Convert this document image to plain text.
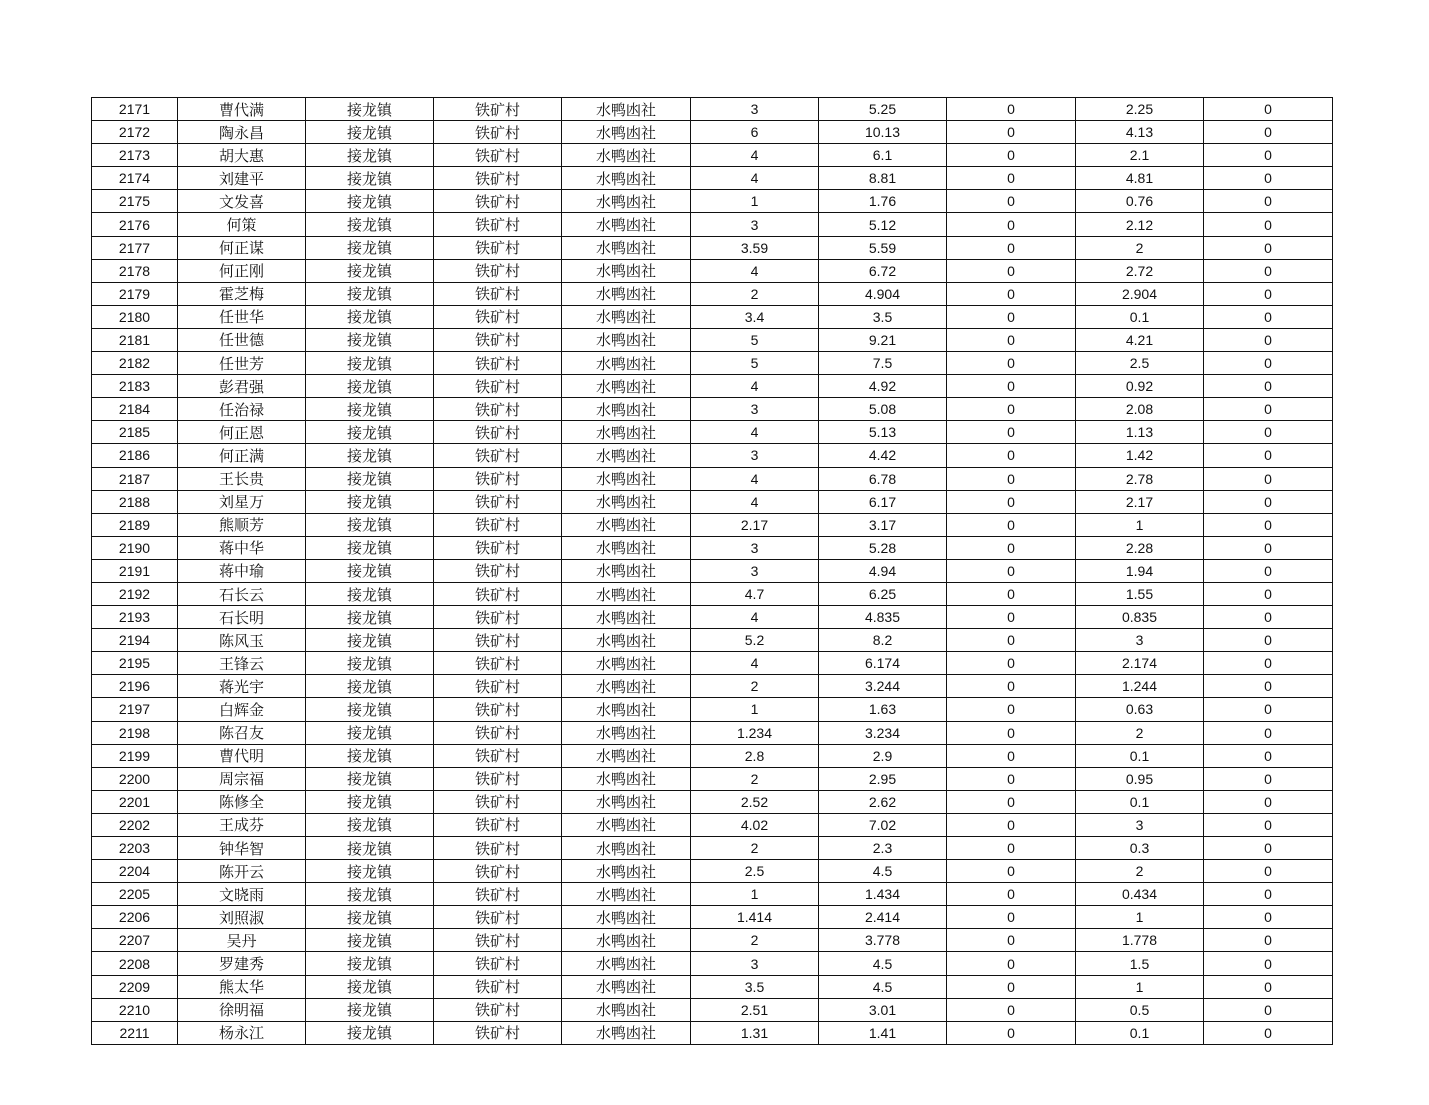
2171	曹代满	接龙镇	铁矿村	水鸭凼社	3	5.25	0	2.25	0
2172	陶永昌	接龙镇	铁矿村	水鸭凼社	6	10.13	0	4.13	0
2173	胡大惠	接龙镇	铁矿村	水鸭凼社	4	6.1	0	2.1	0
2174	刘建平	接龙镇	铁矿村	水鸭凼社	4	8.81	0	4.81	0
2175	文发喜	接龙镇	铁矿村	水鸭凼社	1	1.76	0	0.76	0
2176	何策	接龙镇	铁矿村	水鸭凼社	3	5.12	0	2.12	0
2177	何正谋	接龙镇	铁矿村	水鸭凼社	3.59	5.59	0	2	0
2178	何正刚	接龙镇	铁矿村	水鸭凼社	4	6.72	0	2.72	0
2179	霍芝梅	接龙镇	铁矿村	水鸭凼社	2	4.904	0	2.904	0
2180	任世华	接龙镇	铁矿村	水鸭凼社	3.4	3.5	0	0.1	0
2181	任世德	接龙镇	铁矿村	水鸭凼社	5	9.21	0	4.21	0
2182	任世芳	接龙镇	铁矿村	水鸭凼社	5	7.5	0	2.5	0
2183	彭君强	接龙镇	铁矿村	水鸭凼社	4	4.92	0	0.92	0
2184	任治禄	接龙镇	铁矿村	水鸭凼社	3	5.08	0	2.08	0
2185	何正恩	接龙镇	铁矿村	水鸭凼社	4	5.13	0	1.13	0
2186	何正满	接龙镇	铁矿村	水鸭凼社	3	4.42	0	1.42	0
2187	王长贵	接龙镇	铁矿村	水鸭凼社	4	6.78	0	2.78	0
2188	刘星万	接龙镇	铁矿村	水鸭凼社	4	6.17	0	2.17	0
2189	熊顺芳	接龙镇	铁矿村	水鸭凼社	2.17	3.17	0	1	0
2190	蒋中华	接龙镇	铁矿村	水鸭凼社	3	5.28	0	2.28	0
2191	蒋中瑜	接龙镇	铁矿村	水鸭凼社	3	4.94	0	1.94	0
2192	石长云	接龙镇	铁矿村	水鸭凼社	4.7	6.25	0	1.55	0
2193	石长明	接龙镇	铁矿村	水鸭凼社	4	4.835	0	0.835	0
2194	陈风玉	接龙镇	铁矿村	水鸭凼社	5.2	8.2	0	3	0
2195	王锋云	接龙镇	铁矿村	水鸭凼社	4	6.174	0	2.174	0
2196	蒋光宇	接龙镇	铁矿村	水鸭凼社	2	3.244	0	1.244	0
2197	白辉金	接龙镇	铁矿村	水鸭凼社	1	1.63	0	0.63	0
2198	陈召友	接龙镇	铁矿村	水鸭凼社	1.234	3.234	0	2	0
2199	曹代明	接龙镇	铁矿村	水鸭凼社	2.8	2.9	0	0.1	0
2200	周宗福	接龙镇	铁矿村	水鸭凼社	2	2.95	0	0.95	0
2201	陈修全	接龙镇	铁矿村	水鸭凼社	2.52	2.62	0	0.1	0
2202	王成芬	接龙镇	铁矿村	水鸭凼社	4.02	7.02	0	3	0
2203	钟华智	接龙镇	铁矿村	水鸭凼社	2	2.3	0	0.3	0
2204	陈开云	接龙镇	铁矿村	水鸭凼社	2.5	4.5	0	2	0
2205	文晓雨	接龙镇	铁矿村	水鸭凼社	1	1.434	0	0.434	0
2206	刘照淑	接龙镇	铁矿村	水鸭凼社	1.414	2.414	0	1	0
2207	吴丹	接龙镇	铁矿村	水鸭凼社	2	3.778	0	1.778	0
2208	罗建秀	接龙镇	铁矿村	水鸭凼社	3	4.5	0	1.5	0
2209	熊太华	接龙镇	铁矿村	水鸭凼社	3.5	4.5	0	1	0
2210	徐明福	接龙镇	铁矿村	水鸭凼社	2.51	3.01	0	0.5	0
2211	杨永江	接龙镇	铁矿村	水鸭凼社	1.31	1.41	0	0.1	0
